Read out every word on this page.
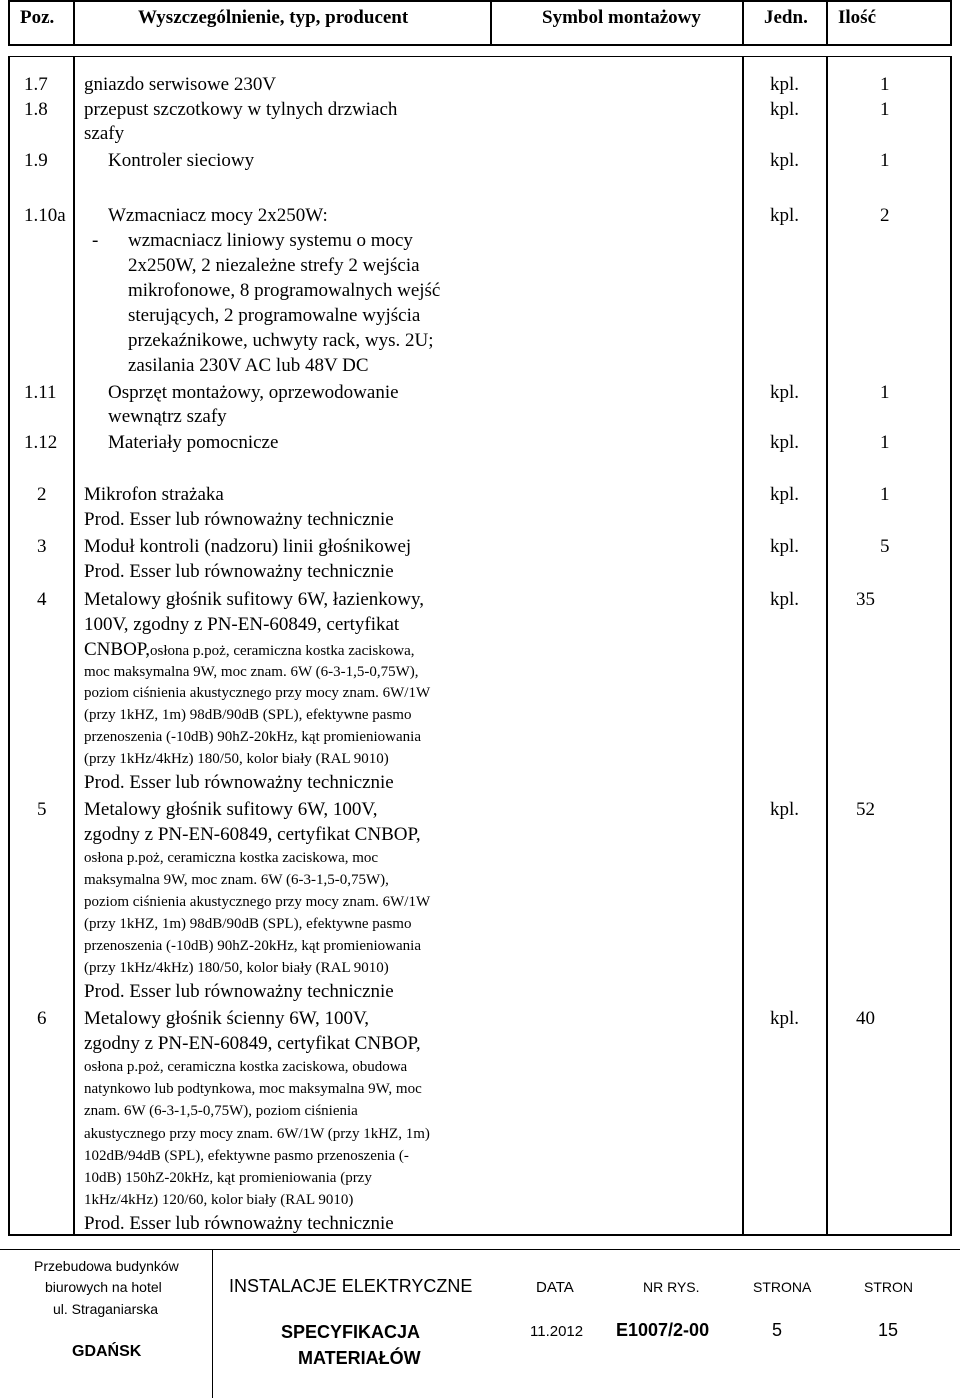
Poz.	Wyszczególnienie, typ, producent	Symbol montażowy	Jedn. Ilość
1.7 gniazdo serwisowe 230V	kpl.	1
1.8 przepust szczotkowy w tylnych drzwiach
szafy
kpl.	1
1.9	Kontroler sieciowy	kpl.	1
1.10a Wzmacniacz mocy 2x250W:
- wzmacniacz liniowy systemu o mocy
2x250W, 2 niezależne strefy 2 wejścia
mikrofonowe, 8 programowalnych wejść
sterujących, 2 programowalne wyjścia
przekaźnikowe, uchwyty rack, wys. 2U;
zasilania 230V AC lub 48V DC
kpl.	2
1.11	Osprzęt montażowy, oprzewodowanie
wewnątrz szafy
kpl.	1
1.12	Materiały pomocnicze	kpl.	1
2 Mikrofon strażaka
Prod. Esser lub równoważny technicznie
kpl.	1
3 Moduł kontroli (nadzoru) linii głośnikowej
Prod. Esser lub równoważny technicznie
kpl.	5
4 Metalowy głośnik sufitowy 6W, łazienkowy,
100V, zgodny z PN-EN-60849, certyfikat
CNBOP, osłona p.poż, ceramiczna kostka zaciskowa,
moc maksymalna 9W, moc znam. 6W (6-3-1,5-0,75W),
poziom ciśnienia akustycznego przy mocy znam. 6W/1W
(przy 1kHZ, 1m) 98dB/90dB (SPL), efektywne pasmo
przenoszenia (-10dB) 90hZ-20kHz, kąt promieniowania
(przy 1kHz/4kHz) 180/50, kolor biały (RAL 9010)
Prod. Esser lub równoważny technicznie
kpl.	35
5 Metalowy głośnik sufitowy 6W, 100V,
zgodny z PN-EN-60849, certyfikat CNBOP,
osłona p.poż, ceramiczna kostka zaciskowa, moc
maksymalna 9W, moc znam. 6W (6-3-1,5-0,75W),
poziom ciśnienia akustycznego przy mocy znam. 6W/1W
(przy 1kHZ, 1m) 98dB/90dB (SPL), efektywne pasmo
przenoszenia (-10dB) 90hZ-20kHz, kąt promieniowania
(przy 1kHz/4kHz) 180/50, kolor biały (RAL 9010)
Prod. Esser lub równoważny technicznie
kpl.	52
6 Metalowy głośnik ścienny 6W, 100V,
zgodny z PN-EN-60849, certyfikat CNBOP,
osłona p.poż, ceramiczna kostka zaciskowa, obudowa
natynkowo lub podtynkowa, moc maksymalna 9W, moc
znam. 6W (6-3-1,5-0,75W), poziom ciśnienia
akustycznego przy mocy znam. 6W/1W (przy 1kHZ, 1m)
102dB/94dB (SPL), efektywne pasmo przenoszenia (-
10dB) 150hZ-20kHz, kąt promieniowania (przy
1kHz/4kHz) 120/60, kolor biały (RAL 9010)
Prod. Esser lub równoważny technicznie
kpl.	40
Przebudowa budynków
biurowych na hotel
ul. Straganiarska
GDAŃSK
INSTALACJE ELEKTRYCZNE
SPECYFIKACJA
MATERIAŁÓW
DATA
11.2012
NR RYS.
E1007/2-00
STRONA
5
STRON
15
